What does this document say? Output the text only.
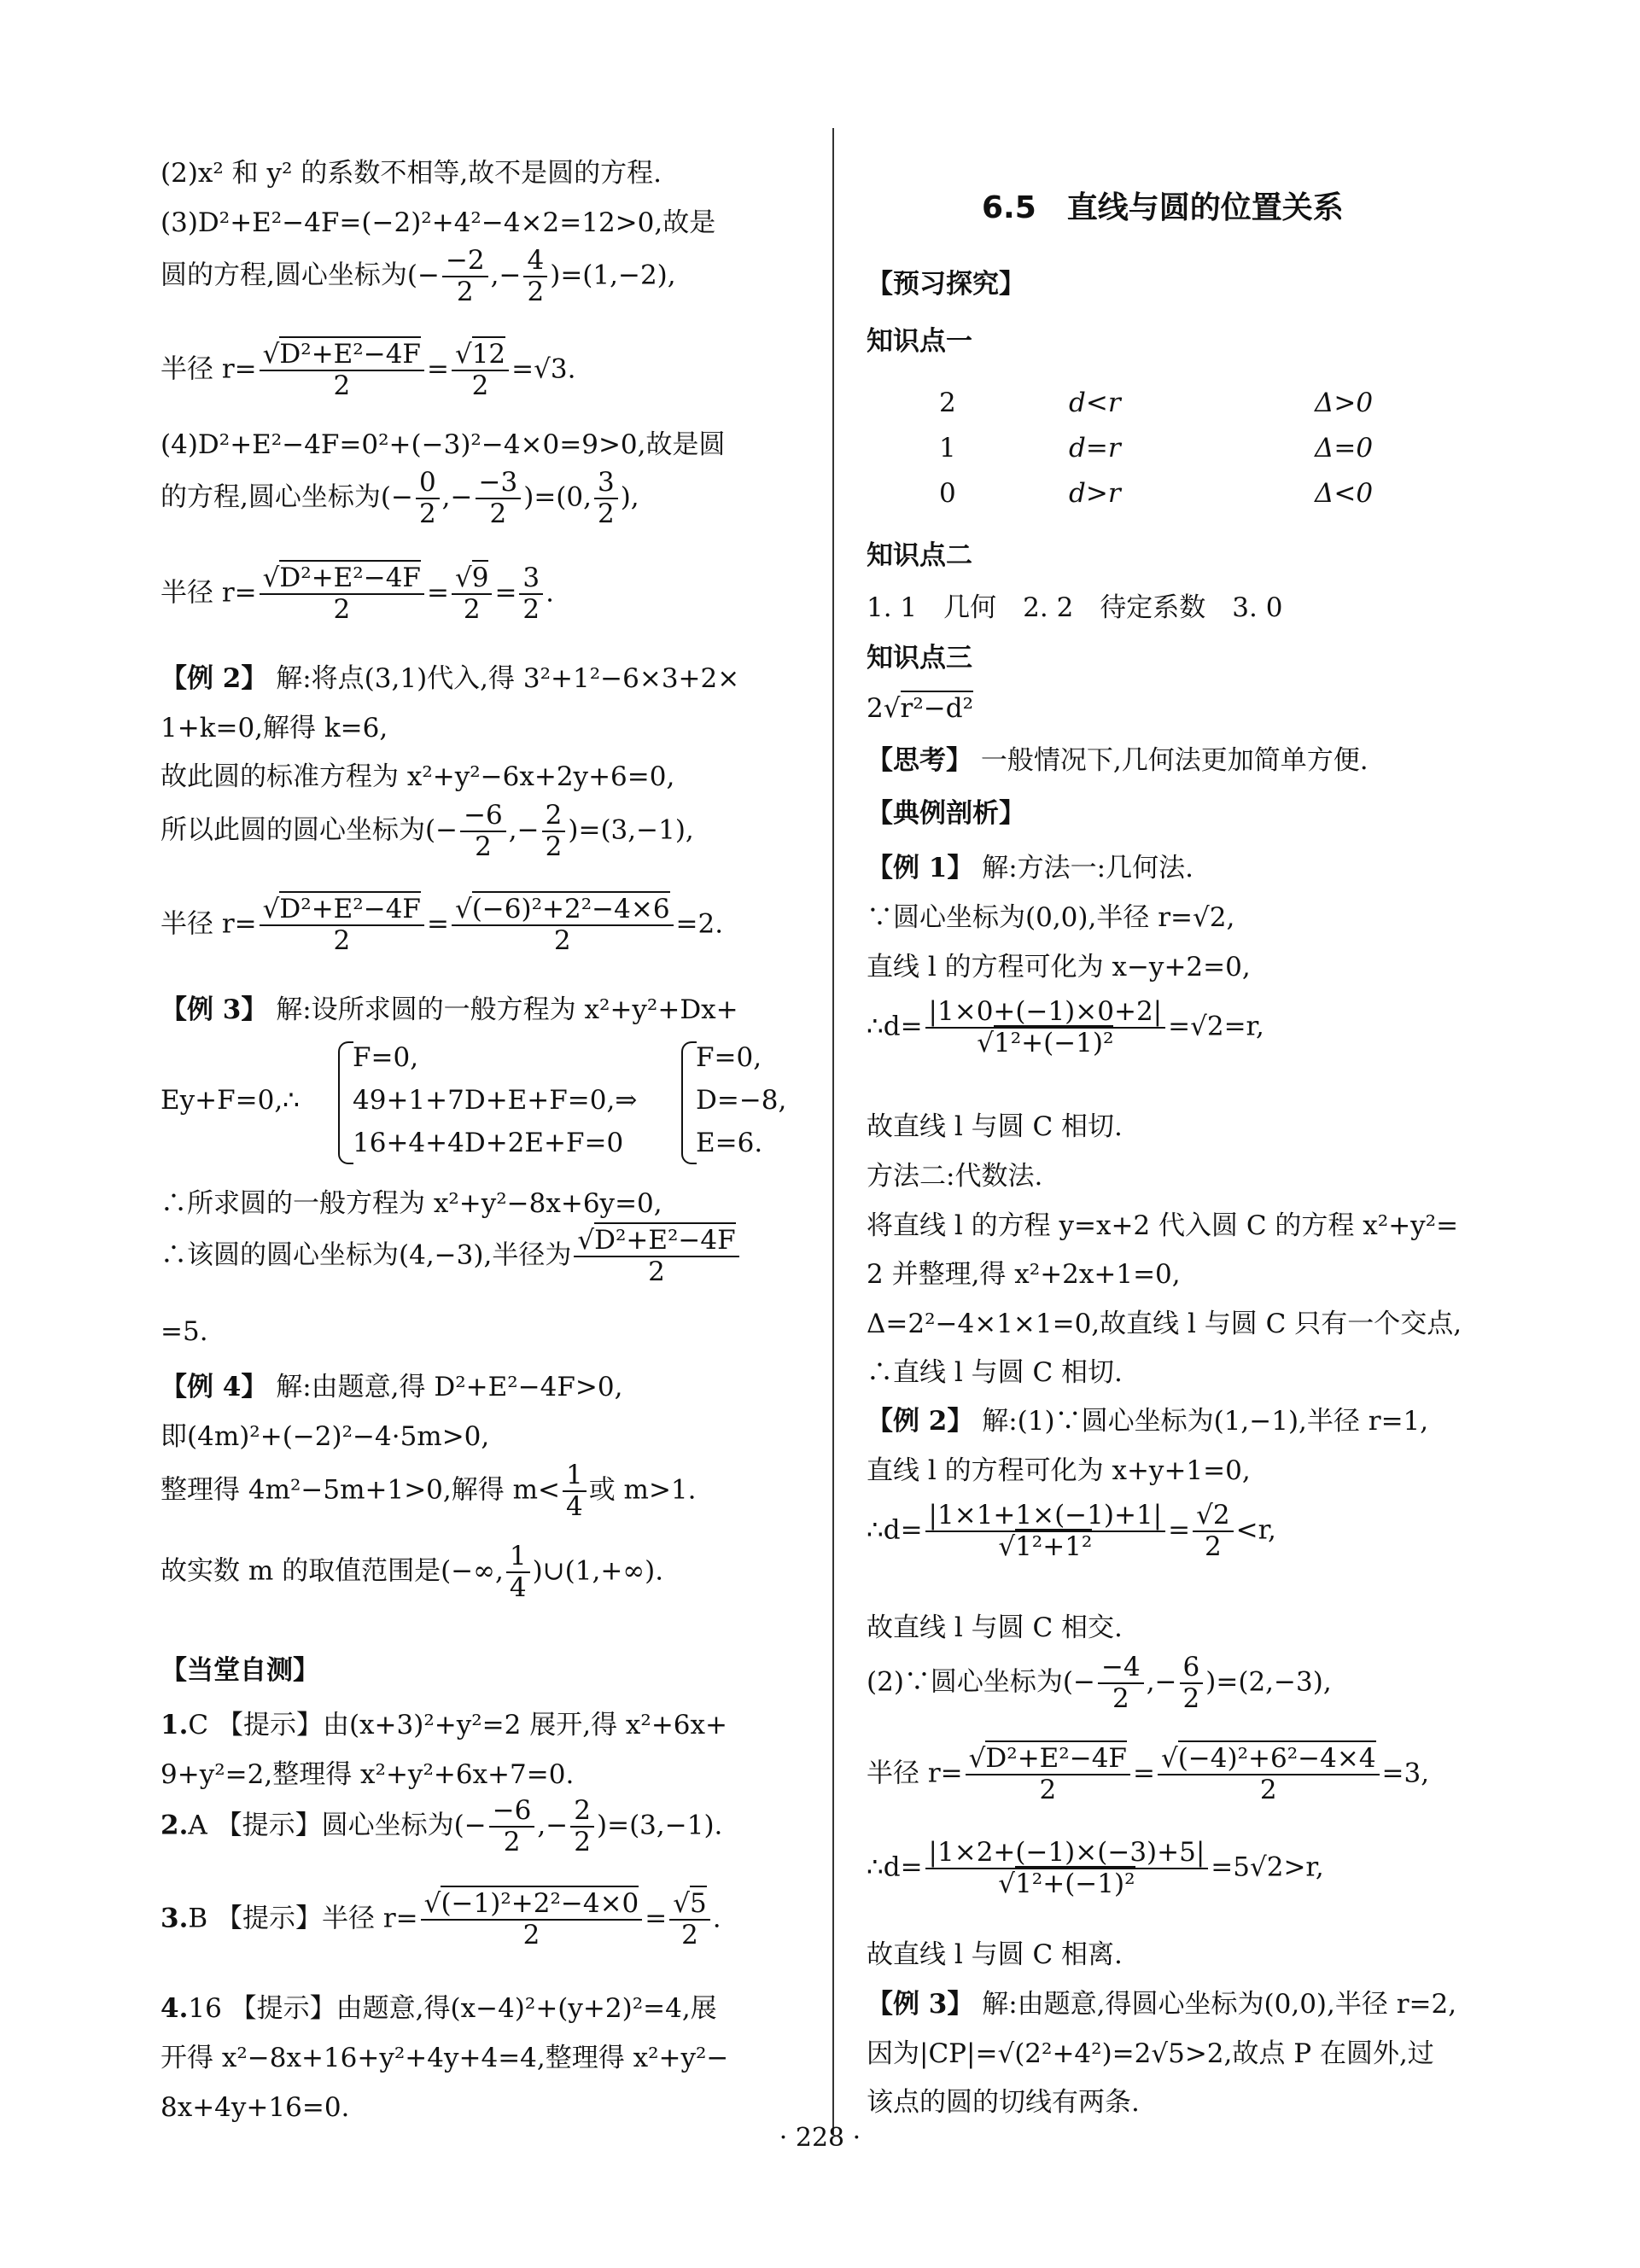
(2)x² 和 y² 的系数不相等,故不是圆的方程.
(3)D²+E²−4F=(−2)²+4²−4×2=12>0,故是
圆的方程,圆心坐标为(− $\frac{-2}{2}$ ,− $\frac{4}{2} )=(1,-2)$,
半径 $r= \frac{\text{√D²+E²−4F}}{2} = \frac{√12}{2} =√3$.
(4)D²+E²−4F=0²+(−3)²−4×0=9>0,故是圆
的方程,圆心坐标为(− $\frac{0}{2}$ ,− $\frac{-3}{2} )=(0$, $\frac{3}{2}$ ),
半径 $r= \frac{\text{√D²+E²−4F}}{2} = \frac{√9}{2} = \frac{3}{2}$ .
【例 2】 解:将点(3,1)代入,得 3²+1²−6×3+2×
1+k=0,解得 k=6,
故此圆的标准方程为 x²+y²−6x+2y+6=0,
所以此圆的圆心坐标为(− $\frac{-6}{2}$ ,− $\frac{2}{2} )=(3,-1)$,
半径 $r= \frac{\text{√D²+E²−4F}}{2} = \frac{\text{√(−6)²+2²−4×6}}{2} =2$.
【例 3】 解:设所求圆的一般方程为 x²+y²+Dx+
F=0,
Ey+F=0,∴ 49+1+7D+E+F=0,⇒
16+4+4D+2E+F=0
F=0,
D=−8,
E=6.
∴所求圆的一般方程为 x²+y²−8x+6y=0,
∴该圆的圆心坐标为(4,−3),半径为 $\frac{\text{√D²+E²−4F}}{2}$
=5.
【例 4】 解:由题意,得 D²+E²−4F>0,
即(4m)²+(−2)²−4·5m>0,
整理得 4m²−5m+1>0,解得 $m< \frac{1}{4}$ 或 m>1.
故实数 m 的取值范围是(−∞, $\frac{1}{4}$ )∪(1,+∞).
【当堂自测】
1.C 【提示】由(x+3)²+y²=2 展开,得 x²+6x+
9+y²=2,整理得 x²+y²+6x+7=0.
2.A 【提示】圆心坐标为(− $\frac{-6}{2}$ ,− $\frac{2}{2} )=(3,-1)$.
3.B 【提示】半径 $r= \frac{\text{√(−1)²+2²−4×0}}{2} = \frac{√5}{2}$ .
4.16 【提示】由题意,得(x−4)²+(y+2)²=4,展
开得 x²−8x+16+y²+4y+4=4,整理得 x²+y²−
8x+4y+16=0.
6.5　直线与圆的位置关系
【预习探究】
知识点一
2	d<r	Δ>0
1	d=r	Δ=0
0	d>r	Δ<0
知识点二
1. 1　几何　2. 2　待定系数　3. 0
知识点三
2√r²−d²
【思考】 一般情况下,几何法更加简单方便.
【典例剖析】
【例 1】 解:方法一:几何法.
∵圆心坐标为(0,0),半径 r=√2,
直线 l 的方程可化为 x−y+2=0,
∴d= $\frac{|1\times 0+(-1)\times 0+2|}{\text{√1²+(−1)²}} =√2=r$,
故直线 l 与圆 C 相切.
方法二:代数法.
将直线 l 的方程 y=x+2 代入圆 C 的方程 x²+y²=
2 并整理,得 x²+2x+1=0,
Δ=2²−4×1×1=0,故直线 l 与圆 C 只有一个交点,
∴直线 l 与圆 C 相切.
【例 2】 解:(1)∵圆心坐标为(1,−1),半径 r=1,
直线 l 的方程可化为 x+y+1=0,
∴d= $\frac{|1\times 1+1\times(-1)+1|}{\text{√1²+1²}} = \frac{√2}{2} <r$,
故直线 l 与圆 C 相交.
(2)∵圆心坐标为(− $\frac{-4}{2}$ ,− $\frac{6}{2} )=(2,-3)$,
半径 $r= \frac{\text{√D²+E²−4F}}{2} = \frac{\text{√(−4)²+6²−4×4}}{2} =3$,
∴d= $\frac{|1\times 2+(-1)\times(-3)+5|}{\text{√1²+(−1)²}} =5√2>r$,
故直线 l 与圆 C 相离.
【例 3】 解:由题意,得圆心坐标为(0,0),半径 r=2,
因为|CP|=√(2²+4²)=2√5>2,故点 P 在圆外,过
该点的圆的切线有两条.
· 228 ·
